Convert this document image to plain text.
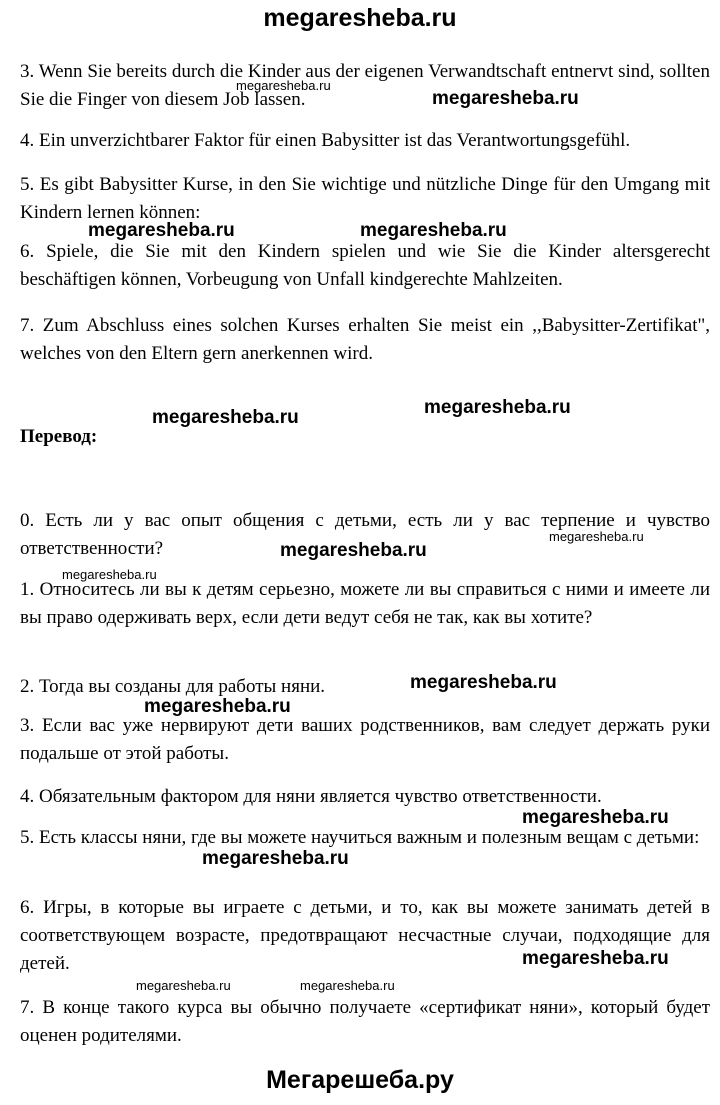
megaresheba.ru
3. Wenn Sie bereits durch die Kinder aus der eigenen Verwandtschaft entnervt sind, sollten Sie die Finger von diesem Job lassen.
4. Ein unverzichtbarer Faktor für einen Babysitter ist das Verantwortungsgefühl.
5. Es gibt Babysitter Kurse, in den Sie wichtige und nützliche Dinge für den Umgang mit Kindern lernen können:
6. Spiele, die Sie mit den Kindern spielen und wie Sie die Kinder altersgerecht beschäftigen können, Vorbeugung von Unfall kindgerechte Mahlzeiten.
7. Zum Abschluss eines solchen Kurses erhalten Sie meist ein ,,Babysitter-Zertifikat", welches von den Eltern gern anerkennen wird.
Перевод:
0. Есть ли у вас опыт общения с детьми, есть ли у вас терпение и чувство ответственности?
1. Относитесь ли вы к детям серьезно, можете ли вы справиться с ними и имеете ли вы право одерживать верх, если дети ведут себя не так, как вы хотите?
2. Тогда вы созданы для работы няни.
3. Если вас уже нервируют дети ваших родственников, вам следует держать руки подальше от этой работы.
4. Обязательным фактором для няни является чувство ответственности.
5. Есть классы няни, где вы можете научиться важным и полезным вещам с детьми:
6. Игры, в которые вы играете с детьми, и то, как вы можете занимать детей в соответствующем возрасте, предотвращают несчастные случаи, подходящие для детей.
7. В конце такого курса вы обычно получаете «сертификат няни», который будет оценен родителями.
megaresheba.ru
megaresheba.ru
megaresheba.ru	megaresheba.ru
megaresheba.ru
megaresheba.ru
megaresheba.ru
megaresheba.ru
megaresheba.ru
megaresheba.ru
megaresheba.ru
megaresheba.ru
megaresheba.ru
megaresheba.ru
megaresheba.ru	megaresheba.ru
Мегарешеба.ру
